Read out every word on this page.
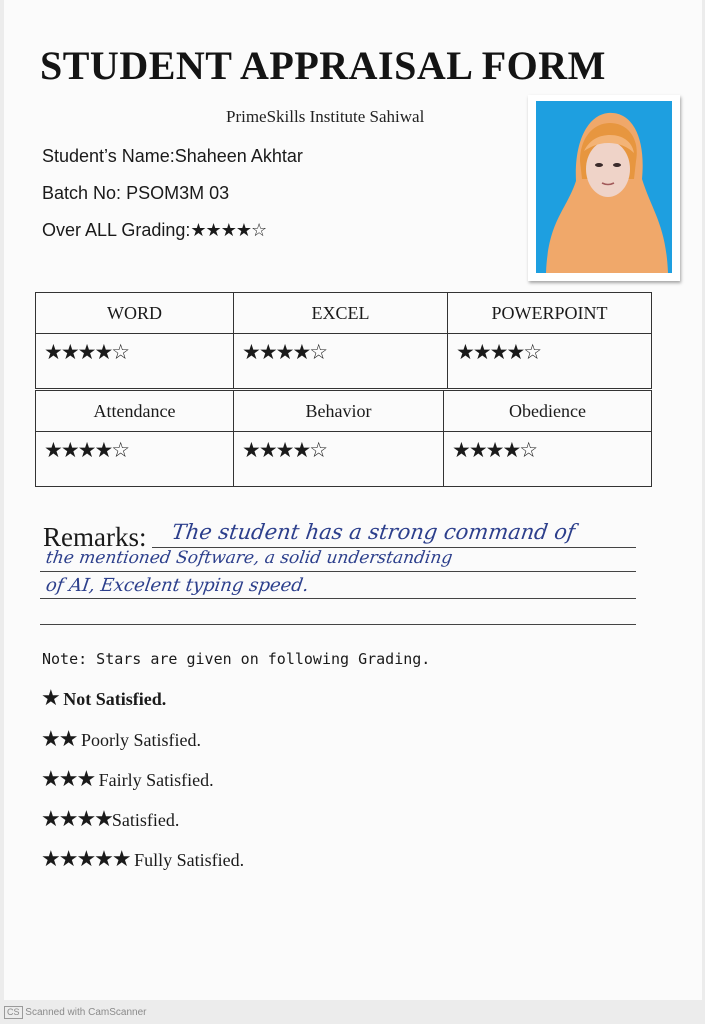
STUDENT APPRAISAL FORM
PrimeSkills Institute Sahiwal
Student’s Name:Shaheen Akhtar
Batch No: PSOM3M 03
Over ALL Grading:★★★★☆
WORD	EXCEL	POWERPOINT
★★★★☆	★★★★☆	★★★★☆
Attendance	Behavior	Obedience
★★★★☆	★★★★☆	★★★★☆
Remarks: The student has a strong command of
the mentioned Software, a solid understanding
of AI, Excelent typing speed.
Note: Stars are given on following Grading.
★ Not Satisfied.
★★ Poorly Satisfied.
★★★ Fairly Satisfied.
★★★★Satisfied.
★★★★★ Fully Satisfied.
CS Scanned with CamScanner
